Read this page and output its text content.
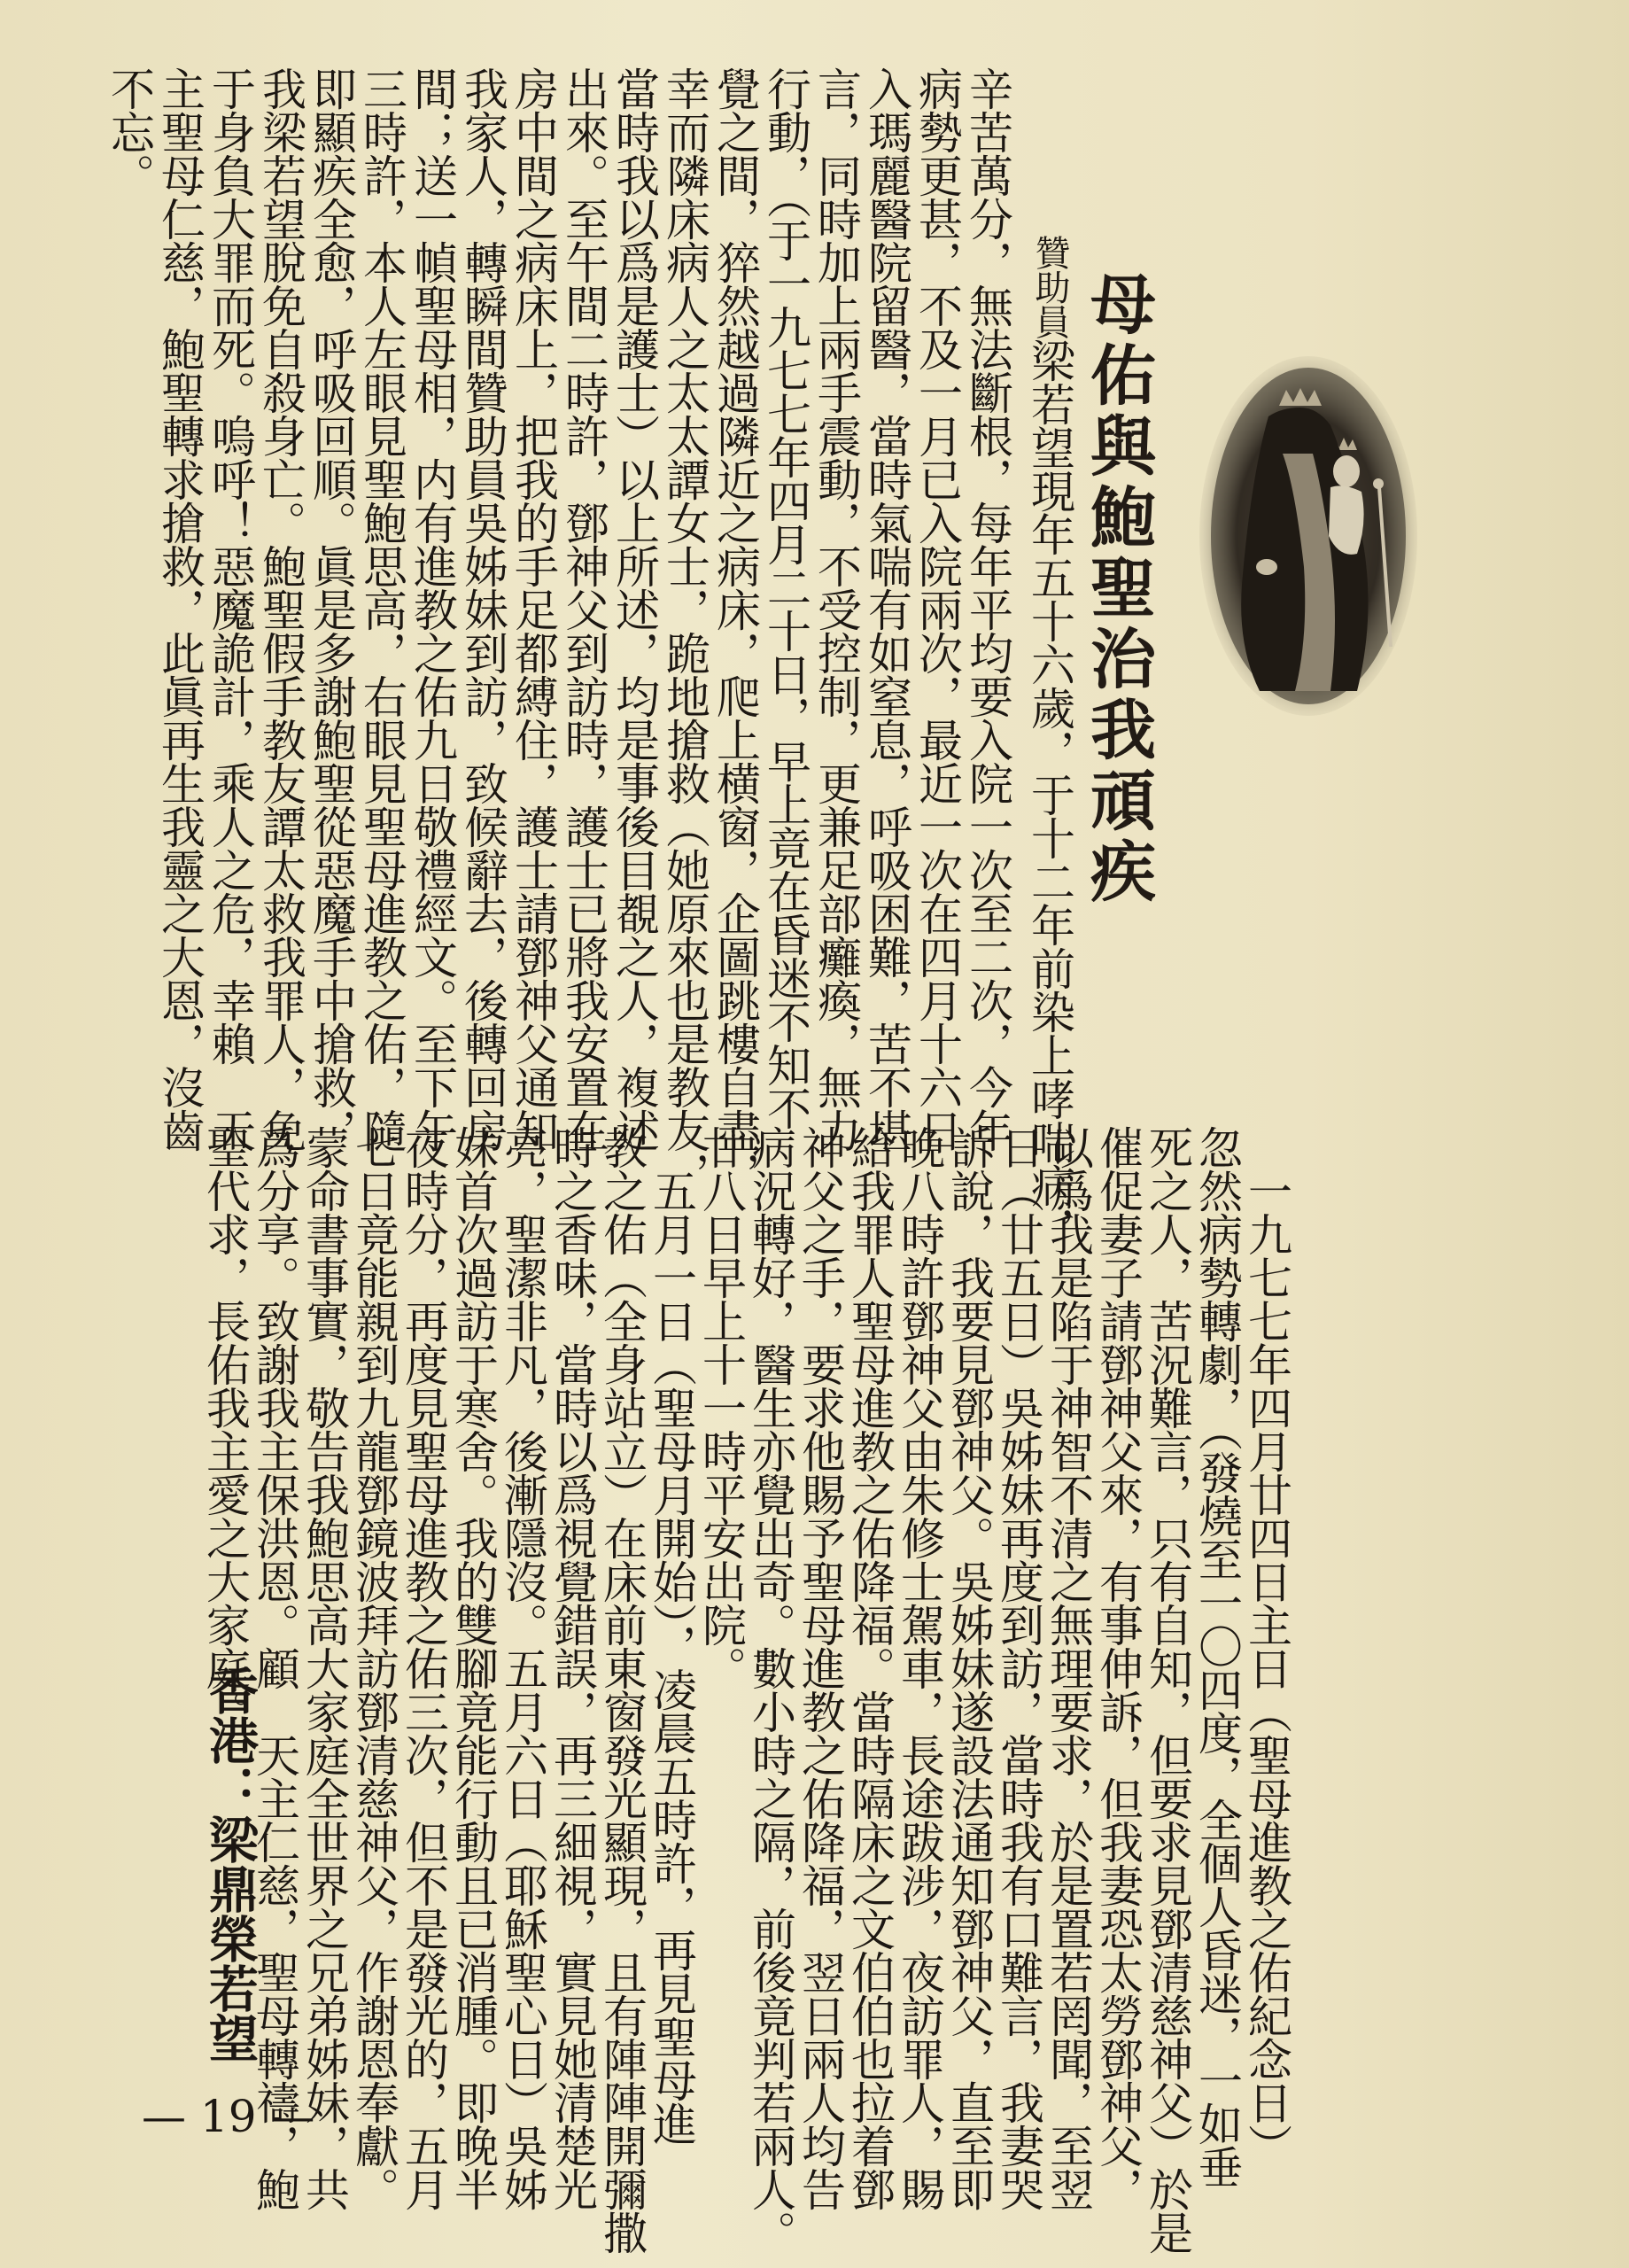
母佑與鮑聖治我頑疾
贊助員梁若望現年五十六歲，于十二年前染上哮喘病，
辛苦萬分，無法斷根，每年平均要入院一次至二次，今年
病勢更甚，不及一月已入院兩次，最近一次在四月十六日
入瑪麗醫院留醫，當時氣喘有如窒息，呼吸困難，苦不堪
言，同時加上兩手震動，不受控制，更兼足部癱瘓，無力
行動，（于一九七七年四月二十日，早上竟在昏迷不知不
覺之間，猝然越過隣近之病床，爬上横窗，企圖跳樓自盡，
幸而隣床病人之太太譚女士，跪地搶救（她原來也是教友，
當時我以爲是護士）以上所述，均是事後目覩之人，複述
出來。至午間二時許，鄧神父到訪時，護士已將我安置在
房中間之病床上，把我的手足都縛住，護士請鄧神父通知
我家人，轉瞬間贊助員吳姊妹到訪，致候辭去，後轉回房
間；送一幀聖母相，内有進教之佑九日敬禮經文。至下午
三時許，本人左眼見聖鮑思高，右眼見聖母進教之佑，隨
即顯疾全愈，呼吸回順。眞是多謝鮑聖從惡魔手中搶救，
我梁若望脫免自殺身亡。鮑聖假手教友譚太救我罪人，免
于身負大罪而死。嗚呼！惡魔詭計，乘人之危，幸賴　天
主聖母仁慈，鮑聖轉求搶救，此眞再生我靈之大恩，沒齒
不忘。
　一九七七年四月廿四日主日（聖母進教之佑紀念日）
忽然病勢轉劇，（發燒至一〇四度，全個人昏迷，一如垂
死之人，苦況難言，只有自知，但要求見鄧清慈神父）於是
催促妻子請鄧神父來，有事伸訴，但我妻恐太勞鄧神父，
以爲我是陷于神智不清之無理要求，於是置若罔聞，至翌
日（廿五日）吳姊妹再度到訪，當時我有口難言，我妻哭
訴說，我要見鄧神父。吳姊妹遂設法通知鄧神父，直至即
晚八時許鄧神父由朱修士駕車，長途跋涉，夜訪罪人，賜
給我罪人聖母進教之佑降福。當時隔床之文伯伯也拉着鄧
神父之手，要求他賜予聖母進教之佑降福，翌日兩人均告
病況轉好，醫生亦覺出奇。數小時之隔，前後竟判若兩人。
廿八日早上十一時平安出院。
　五月一日（聖母月開始），凌晨五時許，再見聖母進
教之佑（全身站立）在床前東窗發光顯現，且有陣陣開彌撒
時之香味，當時以爲視覺錯誤，再三細視，實見她清楚光
亮，聖潔非凡，後漸隱沒。五月六日（耶穌聖心日）吳姊
妹首次過訪于寒舍。我的雙腳竟能行動且已消腫。即晚半
夜時分，再度見聖母進教之佑三次，但不是發光的，五月
七日竟能親到九龍鄧鏡波拜訪鄧清慈神父，作謝恩奉獻。
蒙命書事實，敬告我鮑思高大家庭全世界之兄弟姊妹，共
爲分享。致謝我主保洪恩。顧　天主仁慈，聖母轉禱，鮑
聖代求，長佑我主愛之大家庭。
香港：梁鼎榮若望
— 19 —
